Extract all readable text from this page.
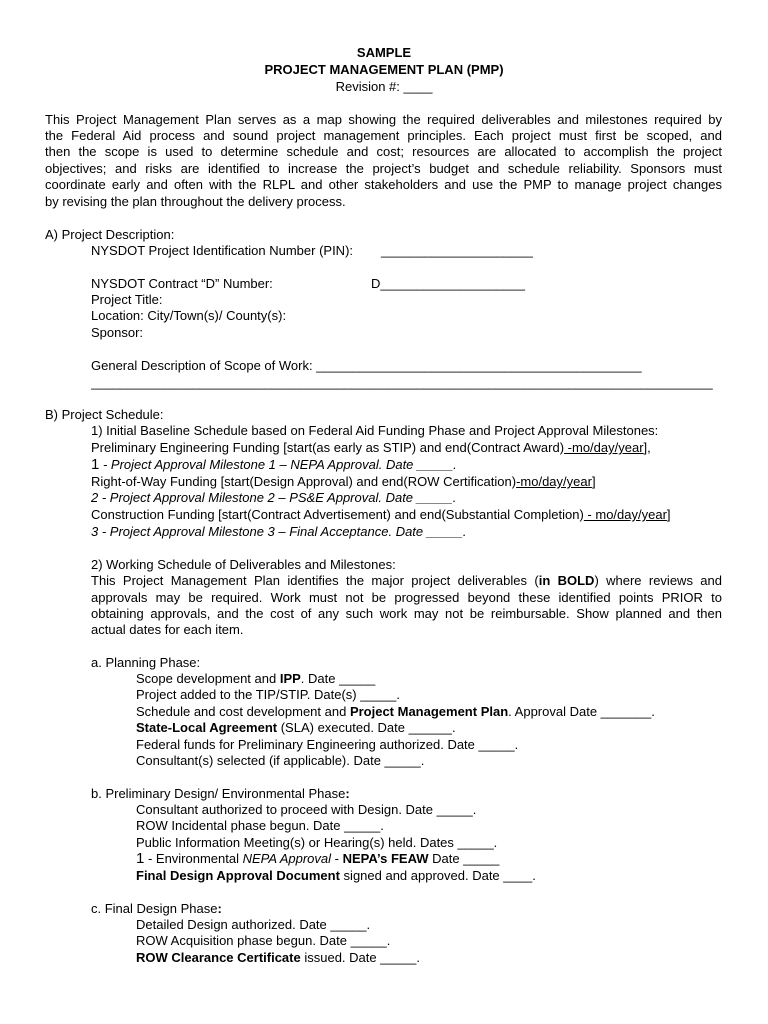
SAMPLE
PROJECT MANAGEMENT PLAN (PMP)
Revision #: ____
This Project Management Plan serves as a map showing the required deliverables and milestones required by
the Federal Aid process and sound project management principles. Each project must first be scoped, and
then the scope is used to determine schedule and cost; resources are allocated to accomplish the project
objectives; and risks are identified to increase the project’s budget and schedule reliability. Sponsors must
coordinate early and often with the RLPL and other stakeholders and use the PMP to manage project changes
by revising the plan throughout the delivery process.
A) Project Description:
NYSDOT Project Identification Number (PIN): _____________________
NYSDOT Contract “D” Number:	D____________________
Project Title:
Location: City/Town(s)/ County(s):
Sponsor:
General Description of Scope of Work: _____________________________________________
______________________________________________________________________________________
B) Project Schedule:
1) Initial Baseline Schedule based on Federal Aid Funding Phase and Project Approval Milestones:
Preliminary Engineering Funding [start(as early as STIP) and end(Contract Award) -mo/day/year],
1 - Project Approval Milestone 1 – NEPA Approval. Date _____.
Right-of-Way Funding [start(Design Approval) and end(ROW Certification)-mo/day/year]
2 - Project Approval Milestone 2 – PS&E Approval. Date _____.
Construction Funding [start(Contract Advertisement) and end(Substantial Completion) - mo/day/year]
3 - Project Approval Milestone 3 – Final Acceptance. Date _____.
2) Working Schedule of Deliverables and Milestones:
This Project Management Plan identifies the major project deliverables (in BOLD) where reviews and
approvals may be required. Work must not be progressed beyond these identified points PRIOR to
obtaining approvals, and the cost of any such work may not be reimbursable. Show planned and then
actual dates for each item.
a. Planning Phase:
Scope development and IPP. Date _____
Project added to the TIP/STIP. Date(s) _____.
Schedule and cost development and Project Management Plan. Approval Date _______.
State-Local Agreement (SLA) executed. Date ______.
Federal funds for Preliminary Engineering authorized. Date _____.
Consultant(s) selected (if applicable). Date _____.
b. Preliminary Design/ Environmental Phase:
Consultant authorized to proceed with Design. Date _____.
ROW Incidental phase begun. Date _____.
Public Information Meeting(s) or Hearing(s) held. Dates _____.
1 - Environmental NEPA Approval - NEPA’s FEAW Date _____
Final Design Approval Document signed and approved. Date ____.
c. Final Design Phase:
Detailed Design authorized. Date _____.
ROW Acquisition phase begun. Date _____.
ROW Clearance Certificate issued. Date _____.
